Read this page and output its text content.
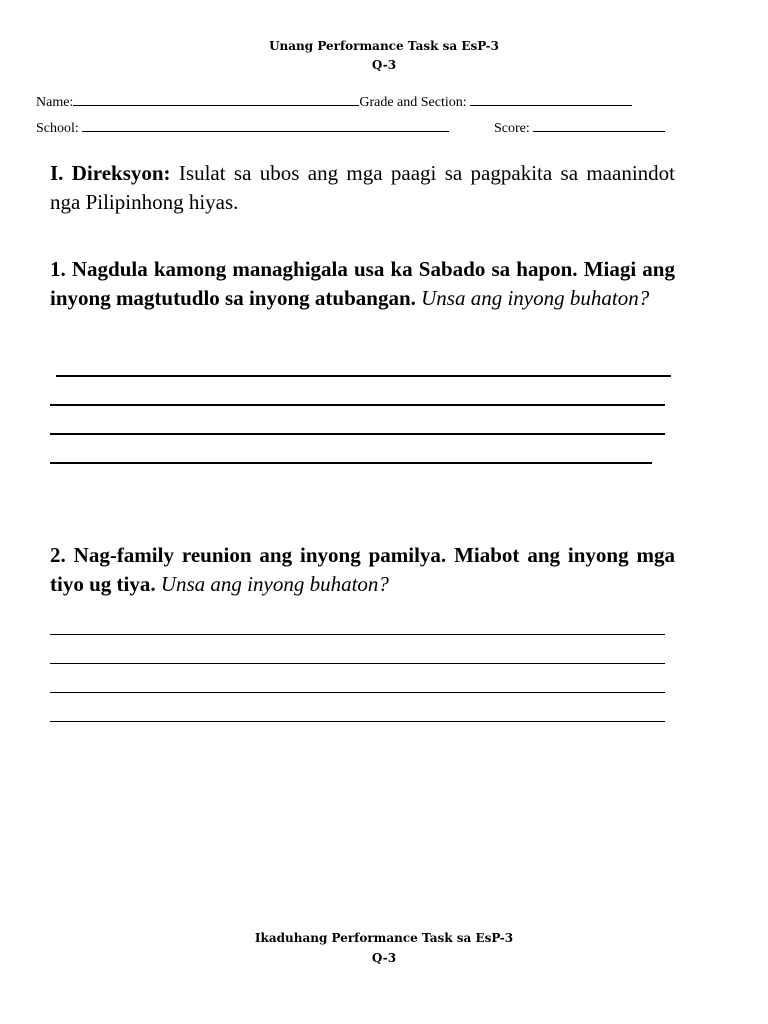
Unang Performance Task sa EsP-3
Q-3
Name:	Grade and Section:
School:	Score:
I. Direksyon: Isulat sa ubos ang mga paagi sa pagpakita sa maanindot nga Pilipinhong hiyas.
1. Nagdula kamong managhigala usa ka Sabado sa hapon. Miagi ang inyong magtutudlo sa inyong atubangan. Unsa ang inyong buhaton?
2. Nag-family reunion ang inyong pamilya. Miabot ang inyong mga tiyo ug tiya. Unsa ang inyong buhaton?
Ikaduhang Performance Task sa EsP-3
Q-3
